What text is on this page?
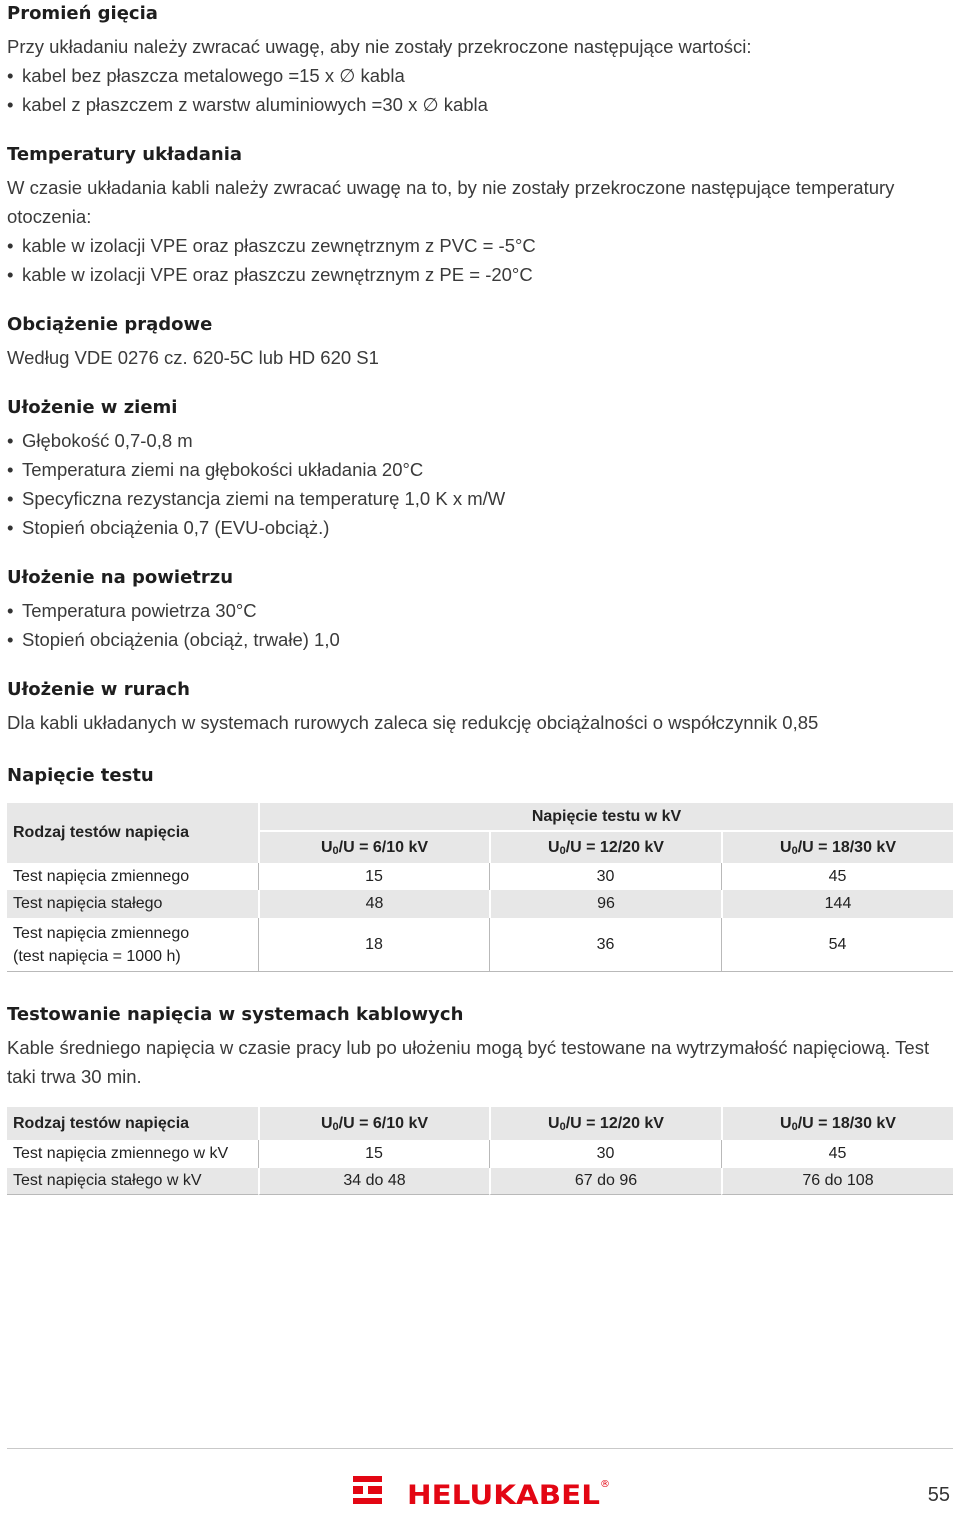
Promień gięcia

Przy układaniu należy zwracać uwagę, aby nie zostały przekroczone następujące wartości:

• kabel bez płaszcza metalowego =15 x ∅ kabla
• kabel z płaszczem z warstw aluminiowych =30 x ∅ kabla
Temperatury układania

W czasie układania kabli należy zwracać uwagę na to, by nie zostały przekroczone następujące temperatury otoczenia:

• kable w izolacji VPE oraz płaszczu zewnętrznym z PVC = -5°C
• kable w izolacji VPE oraz płaszczu zewnętrznym z PE = -20°C
Obciążenie prądowe

Według VDE 0276 cz. 620-5C lub HD 620 S1

Ułożenie w ziemi
• Głębokość 0,7-0,8 m
• Temperatura ziemi na głębokości układania 20°C
• Specyficzna rezystancja ziemi na temperaturę 1,0 K x m/W
• Stopień obciążenia 0,7 (EVU-obciąż.)
Ułożenie na powietrzu
• Temperatura powietrza 30°C
• Stopień obciążenia (obciąż, trwałe) 1,0
Ułożenie w rurach

Dla kabli układanych w systemach rurowych zaleca się redukcję obciążalności o współczynnik 0,85

Napięcie testu
Rodzaj testów napięcia	Napięcie testu w kV		
	$U_0/U = 6/10$ kV	$U_0/U = 12/20$ kV	$U_0/U = 18/30$ kV
Test napięcia zmiennego	15	30	45
Test napięcia stałego	48	96	144

Test napięcia zmiennego
(test napięcia = 1000 h)	18	36	54
Testowanie napięcia w systemach kablowych

Kable średniego napięcia w czasie pracy lub po ułożeniu mogą być testowane na wytrzymałość napięciową. Test taki trwa 30 min.

Rodzaj testów napięcia	$U_0/U = 6/10$ kV	$U_0/U = 12/20$ kV	$U_0/U = 18/30$ kV
Test napięcia zmiennego w kV	15	30	45
Test napięcia stałego w kV	34 do 48	67 do 96	76 do 108
HELUKABEL ®	55
